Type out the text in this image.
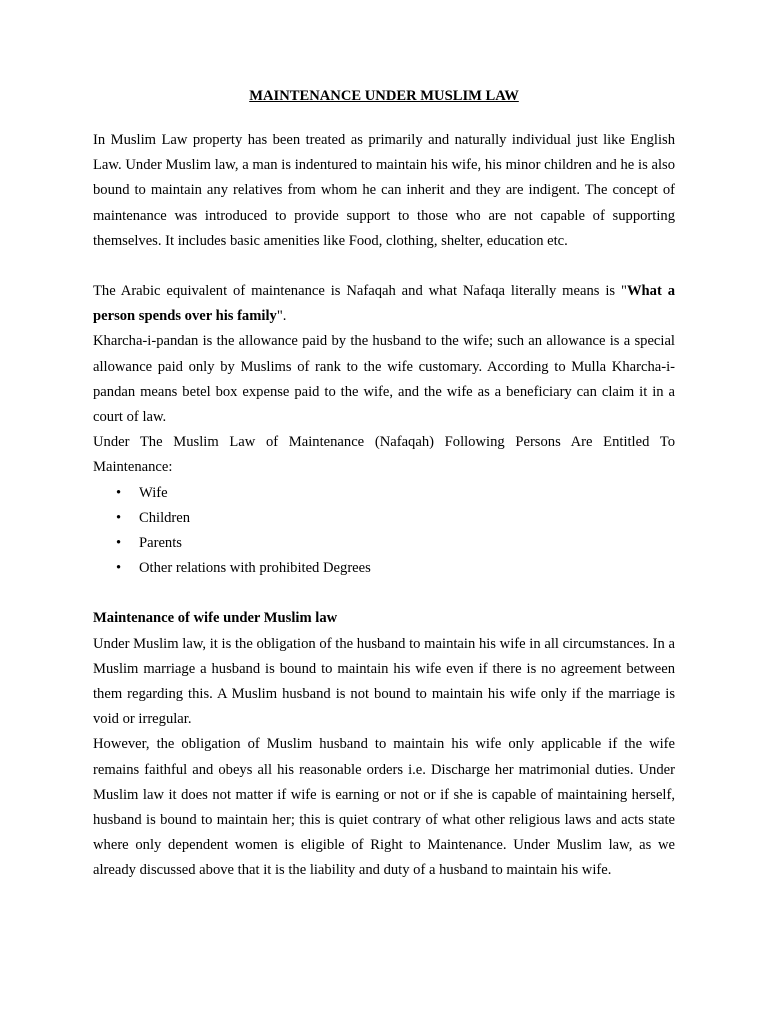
MAINTENANCE UNDER MUSLIM LAW

In Muslim Law property has been treated as primarily and naturally individual just like English Law. Under Muslim law, a man is indentured to maintain his wife, his minor children and he is also bound to maintain any relatives from whom he can inherit and they are indigent. The concept of maintenance was introduced to provide support to those who are not capable of supporting themselves. It includes basic amenities like Food, clothing, shelter, education etc.

The Arabic equivalent of maintenance is Nafaqah and what Nafaqa literally means is "What a person spends over his family".

Kharcha-i-pandan is the allowance paid by the husband to the wife; such an allowance is a special allowance paid only by Muslims of rank to the wife customary. According to Mulla Kharcha-i-pandan means betel box expense paid to the wife, and the wife as a beneficiary can claim it in a court of law.

Under The Muslim Law of Maintenance (Nafaqah) Following Persons Are Entitled To Maintenance:

• Wife
• Children
• Parents
• Other relations with prohibited Degrees
Maintenance of wife under Muslim law

Under Muslim law, it is the obligation of the husband to maintain his wife in all circumstances. In a Muslim marriage a husband is bound to maintain his wife even if there is no agreement between them regarding this. A Muslim husband is not bound to maintain his wife only if the marriage is void or irregular.

However, the obligation of Muslim husband to maintain his wife only applicable if the wife remains faithful and obeys all his reasonable orders i.e. Discharge her matrimonial duties. Under Muslim law it does not matter if wife is earning or not or if she is capable of maintaining herself, husband is bound to maintain her; this is quiet contrary of what other religious laws and acts state where only dependent women is eligible of Right to Maintenance. Under Muslim law, as we already discussed above that it is the liability and duty of a husband to maintain his wife.
